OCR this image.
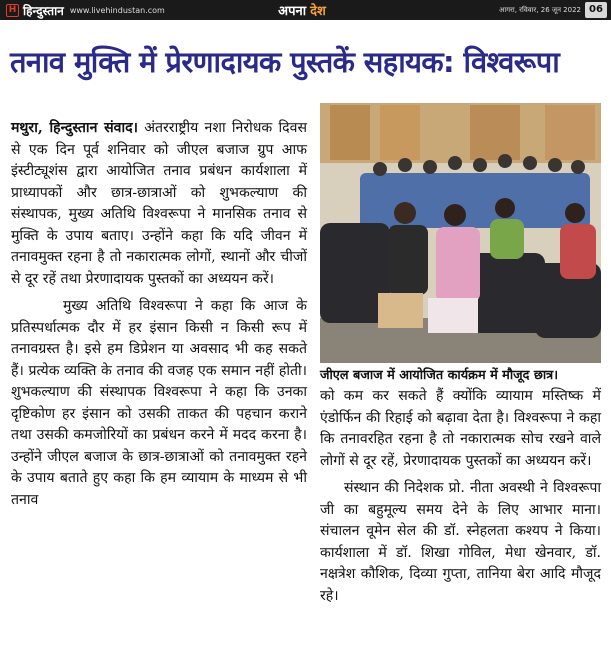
H हिन्दुस्तान www.livehindustan.com	अपना देश	आगरा, रविवार, 26 जून 2022 06
तनाव मुक्ति में प्रेरणादायक पुस्तकें सहायक: विश्वरूपा

मथुरा, हिन्दुस्तान संवाद। अंतरराष्ट्रीय नशा निरोधक दिवस से एक दिन पूर्व शनिवार को जीएल बजाज ग्रुप आफ इंस्टीट्यूशंस द्वारा आयोजित तनाव प्रबंधन कार्यशाला में प्राध्यापकों और छात्र-छात्राओं को शुभकल्याण की संस्थापक, मुख्य अतिथि विश्वरूपा ने मानसिक तनाव से मुक्ति के उपाय बताए। उन्होंने कहा कि यदि जीवन में तनावमुक्त रहना है तो नकारात्मक लोगों, स्थानों और चीजों से दूर रहें तथा प्रेरणादायक पुस्तकों का अध्ययन करें।

मुख्य अतिथि विश्वरूपा ने कहा कि आज के प्रतिस्पर्धात्मक दौर में हर इंसान किसी न किसी रूप में तनावग्रस्त है। इसे हम डिप्रेशन या अवसाद भी कह सकते हैं। प्रत्येक व्यक्ति के तनाव की वजह एक समान नहीं होती। शुभकल्याण की संस्थापक विश्वरूपा ने कहा कि उनका दृष्टिकोण हर इंसान को उसकी ताकत की पहचान कराने तथा उसकी कमजोरियों का प्रबंधन करने में मदद करना है। उन्होंने जीएल बजाज के छात्र-छात्राओं को तनावमुक्त रहने के उपाय बताते हुए कहा कि हम व्यायाम के माध्यम से भी तनाव

जीएल बजाज में आयोजित कार्यक्रम में मौजूद छात्र।

को कम कर सकते हैं क्योंकि व्यायाम मस्तिष्क में एंडोर्फिन की रिहाई को बढ़ावा देता है। विश्वरूपा ने कहा कि तनावरहित रहना है तो नकारात्मक सोच रखने वाले लोगों से दूर रहें, प्रेरणादायक पुस्तकों का अध्ययन करें।

संस्थान की निदेशक प्रो. नीता अवस्थी ने विश्वरूपा जी का बहुमूल्य समय देने के लिए आभार माना। संचालन वूमेन सेल की डॉ. स्नेहलता कश्यप ने किया। कार्यशाला में डॉ. शिखा गोविल, मेधा खेनवार, डॉ. नक्षत्रेश कौशिक, दिव्या गुप्ता, तानिया बेरा आदि मौजूद रहे।
